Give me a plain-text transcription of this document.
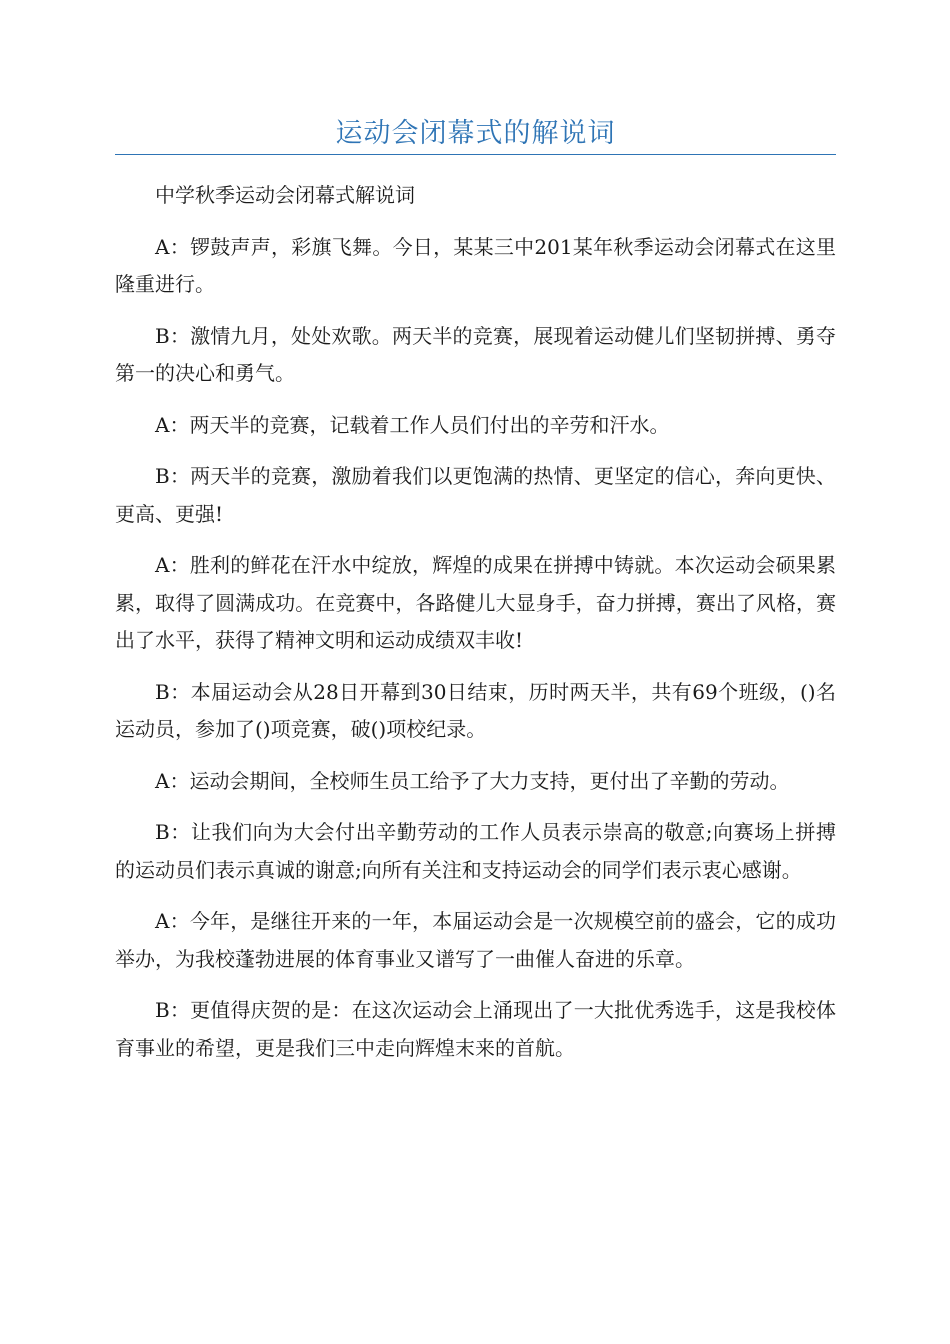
运动会闭幕式的解说词

中学秋季运动会闭幕式解说词

A：锣鼓声声，彩旗飞舞。今日，某某三中201某年秋季运动会闭幕式在这里隆重进行。

B：激情九月，处处欢歌。两天半的竞赛，展现着运动健儿们坚韧拼搏、勇夺第一的决心和勇气。

A：两天半的竞赛，记载着工作人员们付出的辛劳和汗水。

B：两天半的竞赛，激励着我们以更饱满的热情、更坚定的信心，奔向更快、更高、更强!

A：胜利的鲜花在汗水中绽放，辉煌的成果在拼搏中铸就。本次运动会硕果累累，取得了圆满成功。在竞赛中，各路健儿大显身手，奋力拼搏，赛出了风格，赛出了水平，获得了精神文明和运动成绩双丰收!

B：本届运动会从28日开幕到30日结束，历时两天半，共有69个班级，()名运动员，参加了()项竞赛，破()项校纪录。

A：运动会期间，全校师生员工给予了大力支持，更付出了辛勤的劳动。

B：让我们向为大会付出辛勤劳动的工作人员表示崇高的敬意;向赛场上拼搏的运动员们表示真诚的谢意;向所有关注和支持运动会的同学们表示衷心感谢。

A：今年，是继往开来的一年，本届运动会是一次规模空前的盛会，它的成功举办，为我校蓬勃进展的体育事业又谱写了一曲催人奋进的乐章。

B：更值得庆贺的是：在这次运动会上涌现出了一大批优秀选手，这是我校体育事业的希望，更是我们三中走向辉煌末来的首航。
